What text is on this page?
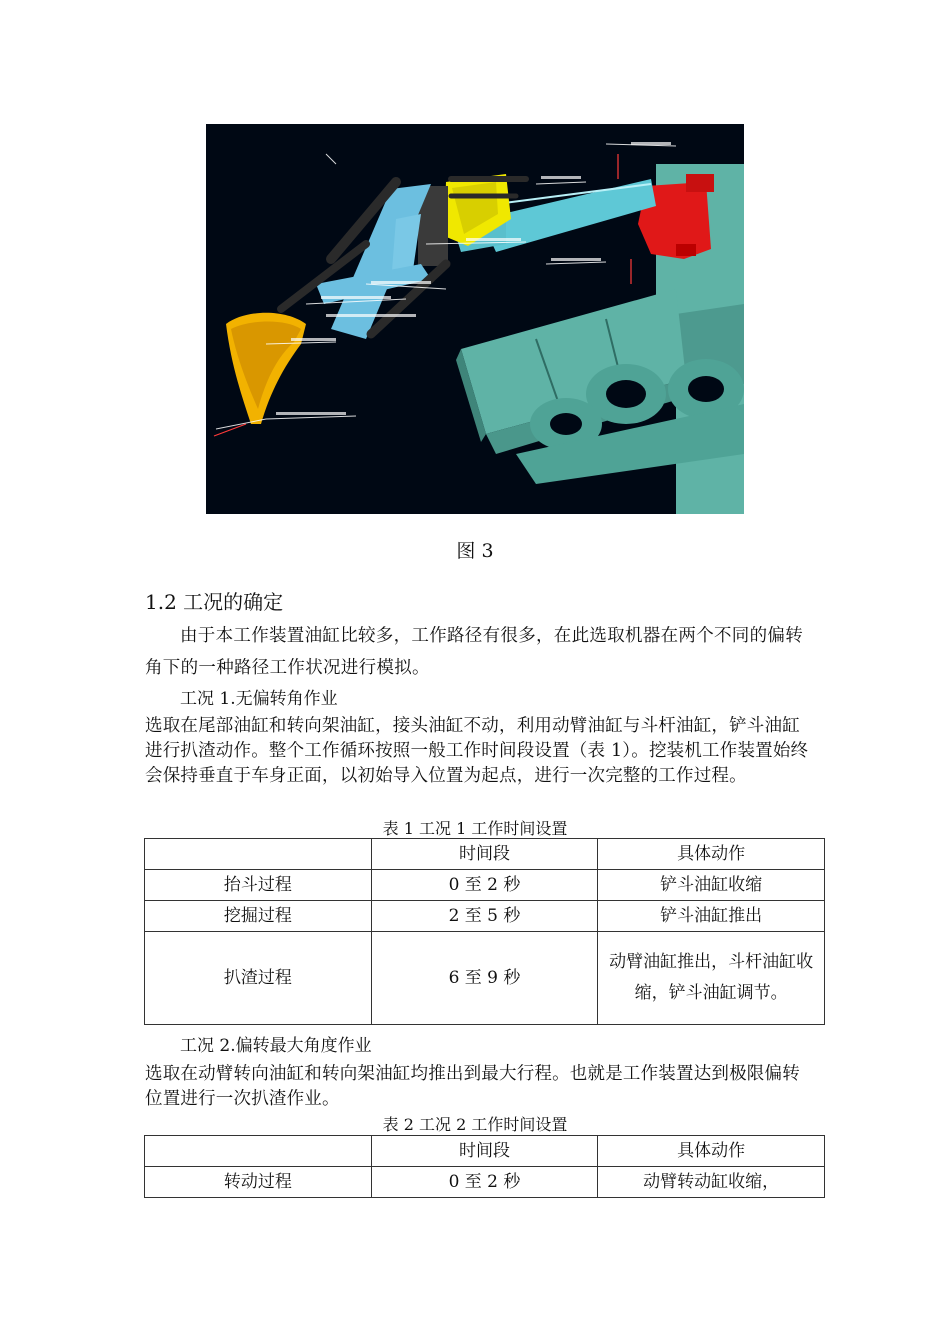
图 3
1.2 工况的确定
由于本工作装置油缸比较多，工作路径有很多，在此选取机器在两个不同的偏转角下的一种路径工作状况进行模拟。
工况 1.无偏转角作业
选取在尾部油缸和转向架油缸，接头油缸不动，利用动臂油缸与斗杆油缸，铲斗油缸进行扒渣动作。整个工作循环按照一般工作时间段设置（表 1）。挖装机工作装置始终会保持垂直于车身正面，以初始导入位置为起点，进行一次完整的工作过程。
表 1 工况 1 工作时间设置
	时间段	具体动作
抬斗过程	0 至 2 秒	铲斗油缸收缩
挖掘过程	2 至 5 秒	铲斗油缸推出
扒渣过程	6 至 9 秒	动臂油缸推出，斗杆油缸收缩，铲斗油缸调节。
工况 2.偏转最大角度作业
选取在动臂转向油缸和转向架油缸均推出到最大行程。也就是工作装置达到极限偏转位置进行一次扒渣作业。
表 2 工况 2 工作时间设置
	时间段	具体动作
转动过程	0 至 2 秒	动臂转动缸收缩，
